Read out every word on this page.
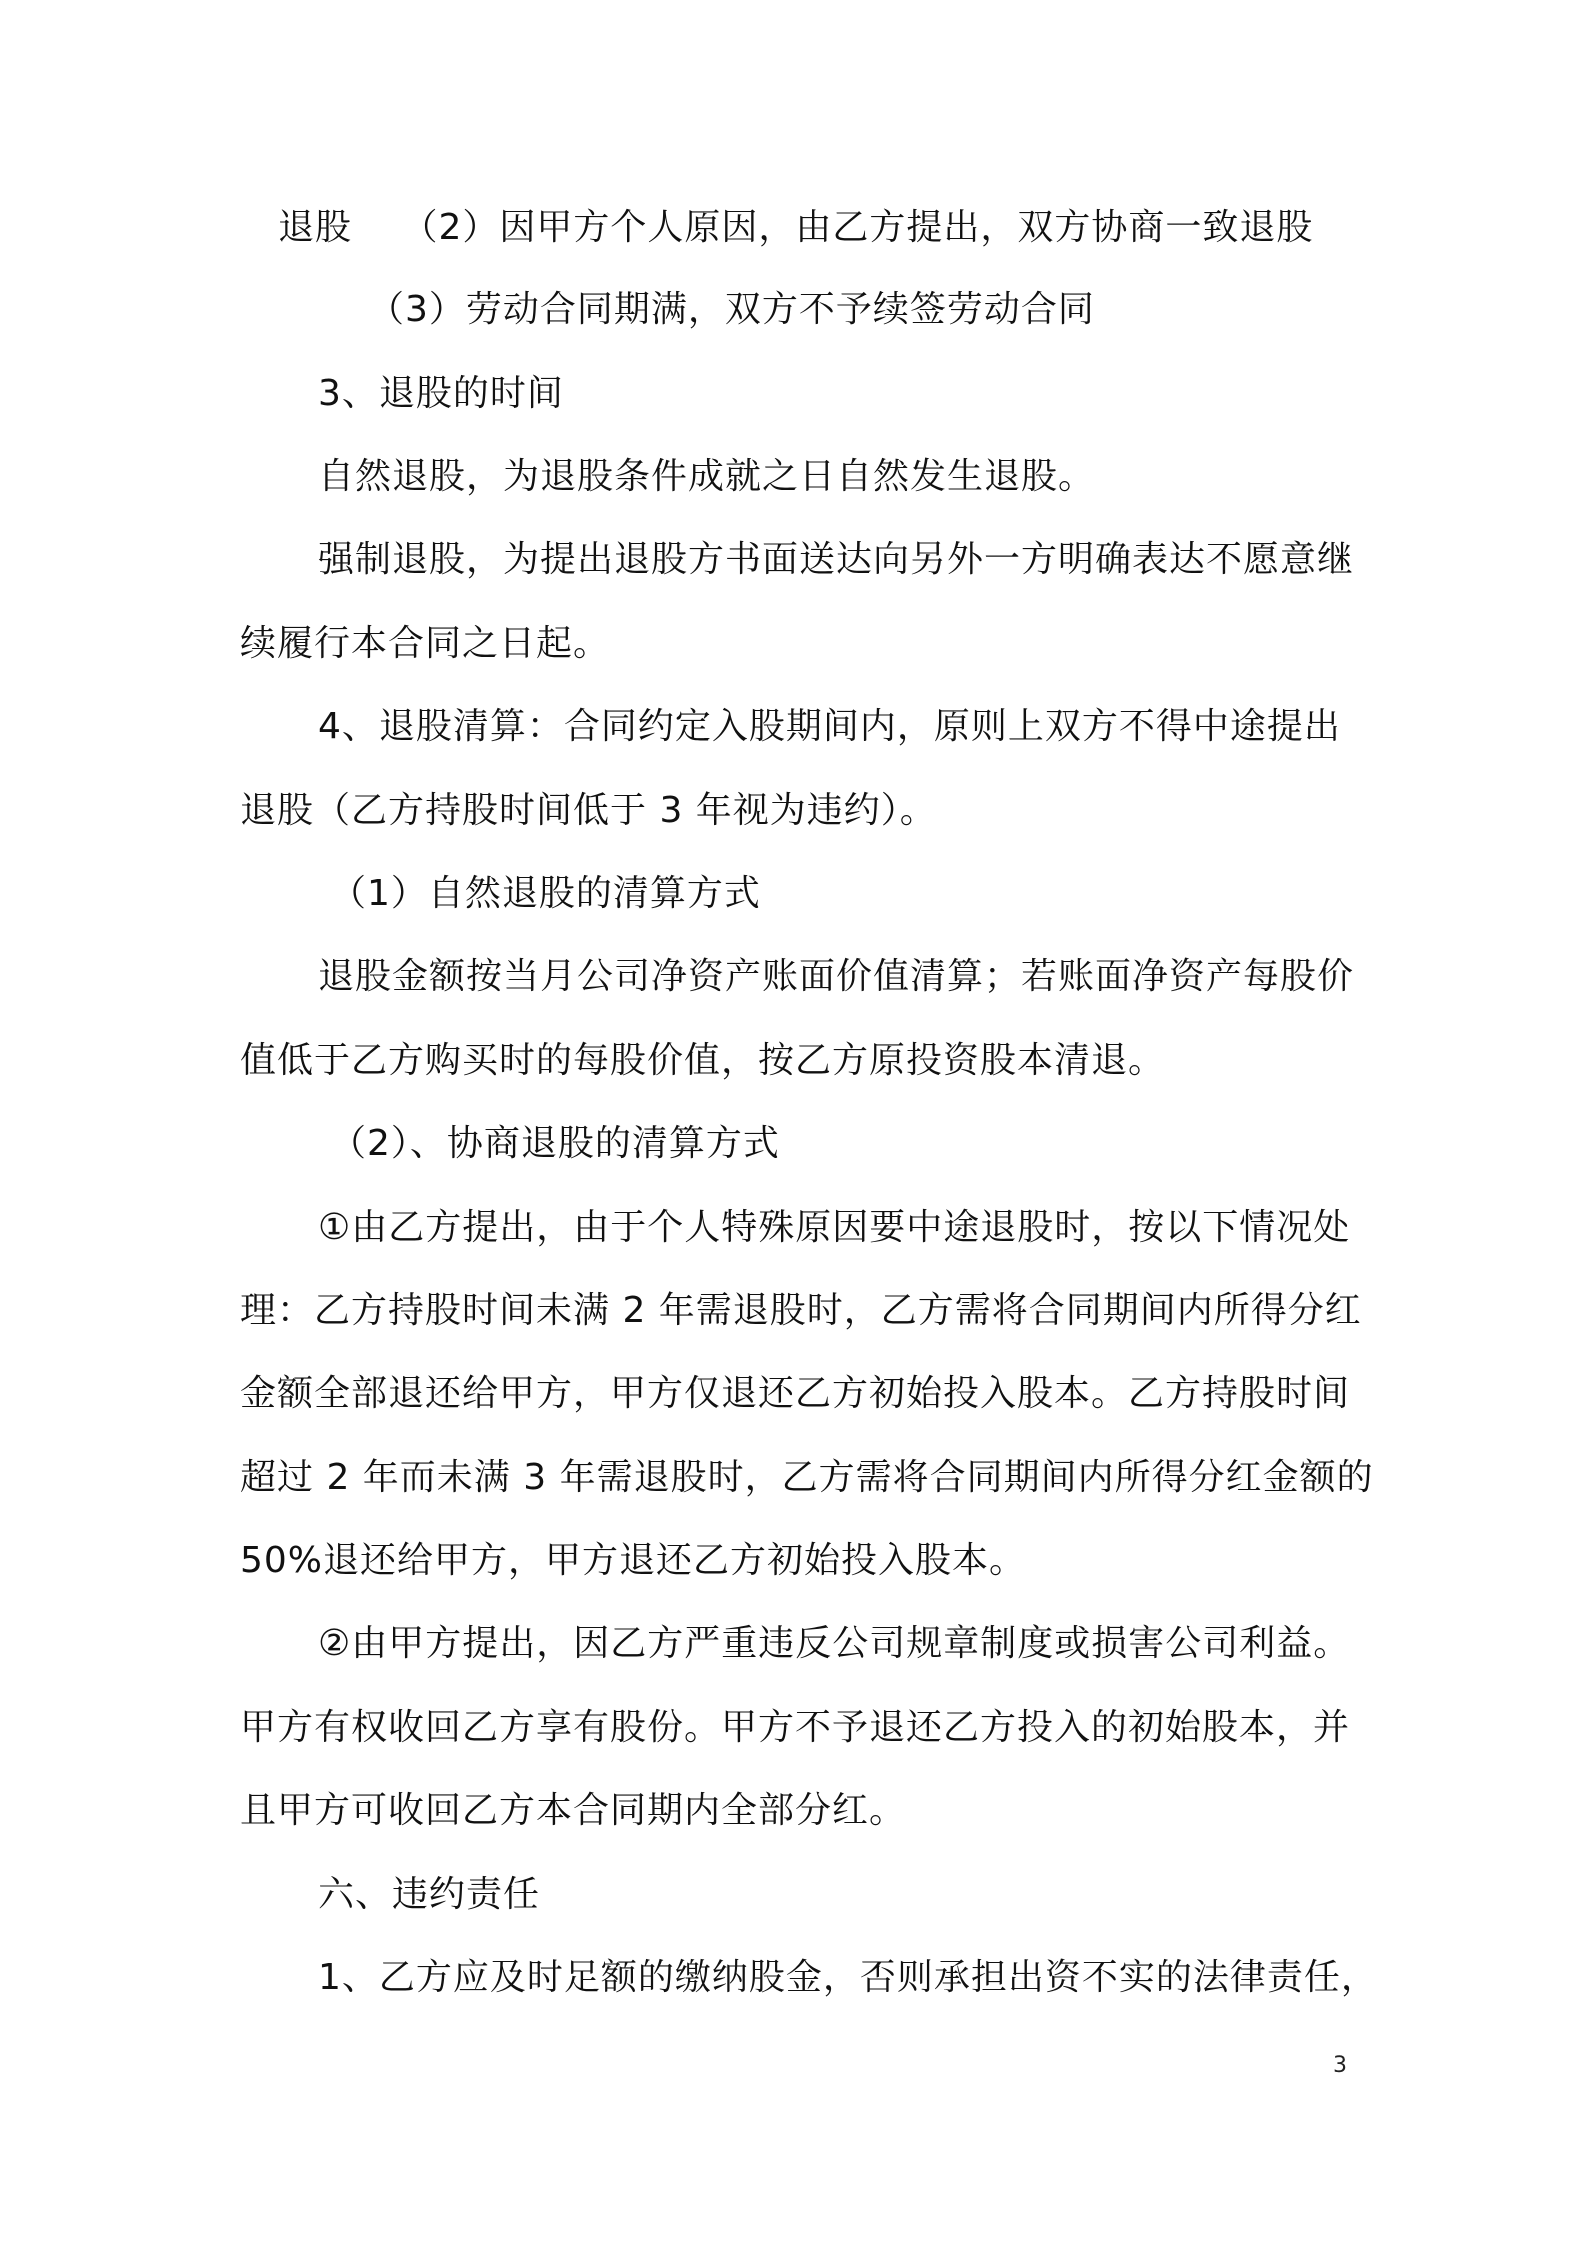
退股　 （2）因甲方个人原因，由乙方提出，双方协商一致退股
（3）劳动合同期满，双方不予续签劳动合同
3、退股的时间
自然退股，为退股条件成就之日自然发生退股。
强制退股，为提出退股方书面送达向另外一方明确表达不愿意继
续履行本合同之日起。
4、退股清算：合同约定入股期间内，原则上双方不得中途提出
退股（乙方持股时间低于 3 年视为违约）。
（1）自然退股的清算方式
退股金额按当月公司净资产账面价值清算；若账面净资产每股价
值低于乙方购买时的每股价值，按乙方原投资股本清退。
（2）、协商退股的清算方式
①由乙方提出，由于个人特殊原因要中途退股时，按以下情况处
理：乙方持股时间未满 2 年需退股时，乙方需将合同期间内所得分红
金额全部退还给甲方，甲方仅退还乙方初始投入股本。乙方持股时间
超过 2 年而未满 3 年需退股时，乙方需将合同期间内所得分红金额的
50%退还给甲方，甲方退还乙方初始投入股本。
②由甲方提出，因乙方严重违反公司规章制度或损害公司利益。
甲方有权收回乙方享有股份。甲方不予退还乙方投入的初始股本，并
且甲方可收回乙方本合同期内全部分红。
六、违约责任
1、乙方应及时足额的缴纳股金，否则承担出资不实的法律责任，
3
